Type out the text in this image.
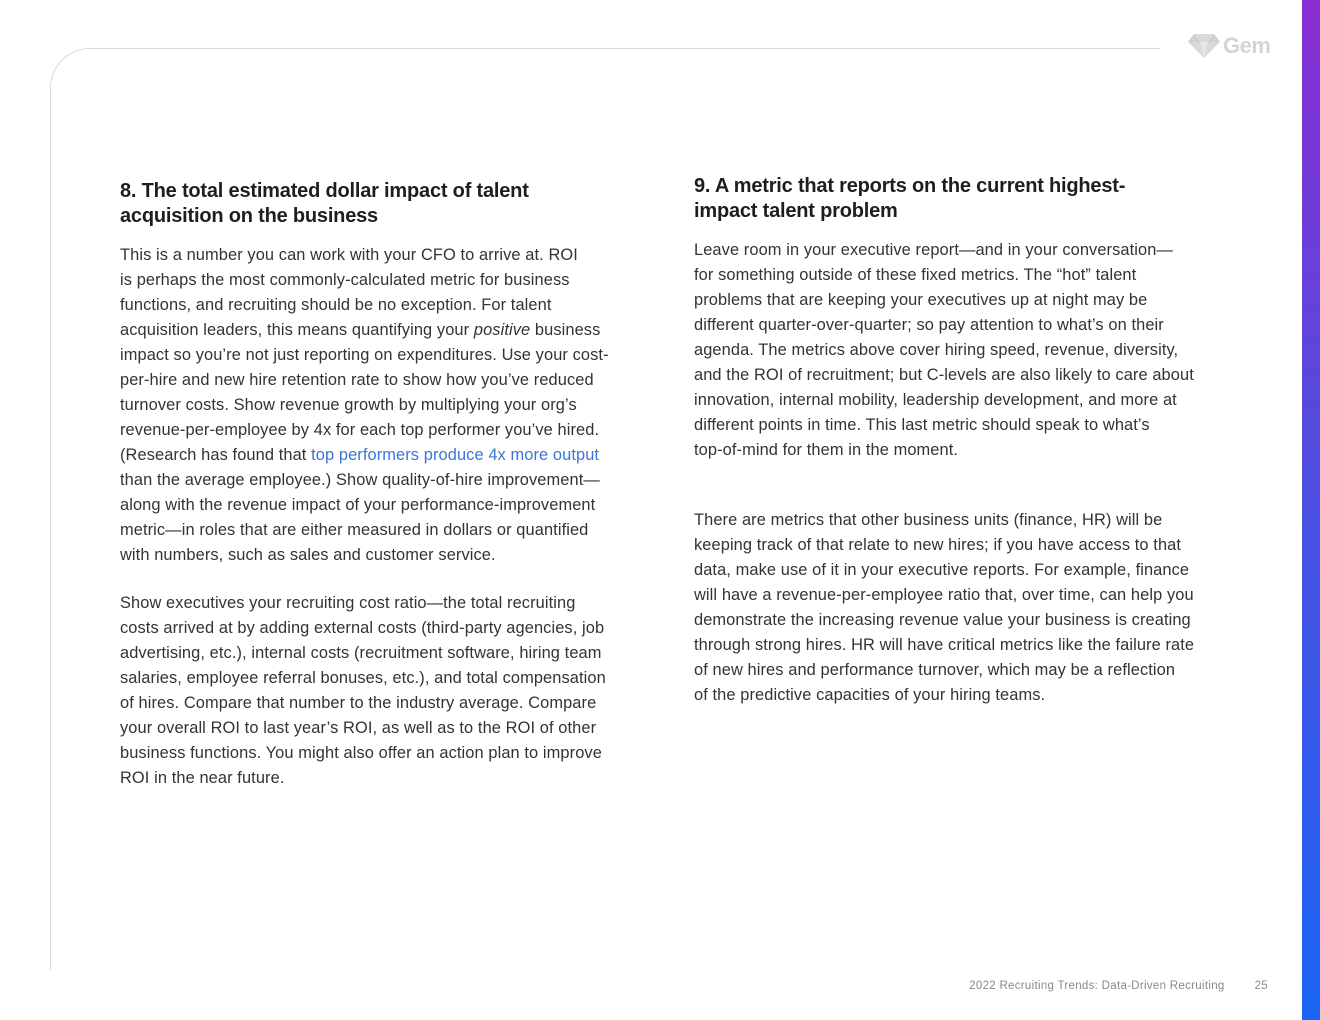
Gem
8. The total estimated dollar impact of talent
acquisition on the business

This is a number you can work with your CFO to arrive at. ROI
is perhaps the most commonly-calculated metric for business
functions, and recruiting should be no exception. For talent
acquisition leaders, this means quantifying your positive business
impact so you’re not just reporting on expenditures. Use your cost-
per-hire and new hire retention rate to show how you’ve reduced
turnover costs. Show revenue growth by multiplying your org’s
revenue-per-employee by 4x for each top performer you’ve hired.
(Research has found that top performers produce 4x more output
than the average employee.) Show quality-of-hire improvement—
along with the revenue impact of your performance-improvement
metric—in roles that are either measured in dollars or quantified
with numbers, such as sales and customer service.

Show executives your recruiting cost ratio—the total recruiting
costs arrived at by adding external costs (third-party agencies, job
advertising, etc.), internal costs (recruitment software, hiring team
salaries, employee referral bonuses, etc.), and total compensation
of hires. Compare that number to the industry average. Compare
your overall ROI to last year’s ROI, as well as to the ROI of other
business functions. You might also offer an action plan to improve
ROI in the near future.

9. A metric that reports on the current highest-
impact talent problem

Leave room in your executive report—and in your conversation—
for something outside of these fixed metrics. The “hot” talent
problems that are keeping your executives up at night may be
different quarter-over-quarter; so pay attention to what’s on their
agenda. The metrics above cover hiring speed, revenue, diversity,
and the ROI of recruitment; but C-levels are also likely to care about
innovation, internal mobility, leadership development, and more at
different points in time. This last metric should speak to what’s
top-of-mind for them in the moment.

There are metrics that other business units (finance, HR) will be
keeping track of that relate to new hires; if you have access to that
data, make use of it in your executive reports. For example, finance
will have a revenue-per-employee ratio that, over time, can help you
demonstrate the increasing revenue value your business is creating
through strong hires. HR will have critical metrics like the failure rate
of new hires and performance turnover, which may be a reflection
of the predictive capacities of your hiring teams.

2022 Recruiting Trends: Data-Driven Recruiting	25
